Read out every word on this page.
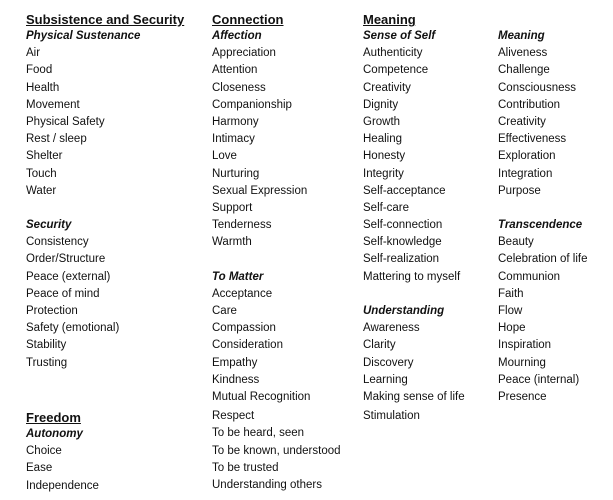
Subsistence and Security
Physical Sustenance
Air
Food
Health
Movement
Physical Safety
Rest / sleep
Shelter
Touch
Water
Security
Consistency
Order/Structure
Peace (external)
Peace of mind
Protection
Safety (emotional)
Stability
Trusting
Freedom
Autonomy
Choice
Ease
Independence
Connection
Affection
Appreciation
Attention
Closeness
Companionship
Harmony
Intimacy
Love
Nurturing
Sexual Expression
Support
Tenderness
Warmth
To Matter
Acceptance
Care
Compassion
Consideration
Empathy
Kindness
Mutual Recognition
Respect
To be heard, seen
To be known, understood
To be trusted
Understanding others
Meaning
Sense of Self
Authenticity
Competence
Creativity
Dignity
Growth
Healing
Honesty
Integrity
Self-acceptance
Self-care
Self-connection
Self-knowledge
Self-realization
Mattering to myself
Understanding
Awareness
Clarity
Discovery
Learning
Making sense of life
Stimulation
Meaning
Aliveness
Challenge
Consciousness
Contribution
Creativity
Effectiveness
Exploration
Integration
Purpose
Transcendence
Beauty
Celebration of life
Communion
Faith
Flow
Hope
Inspiration
Mourning
Peace (internal)
Presence
